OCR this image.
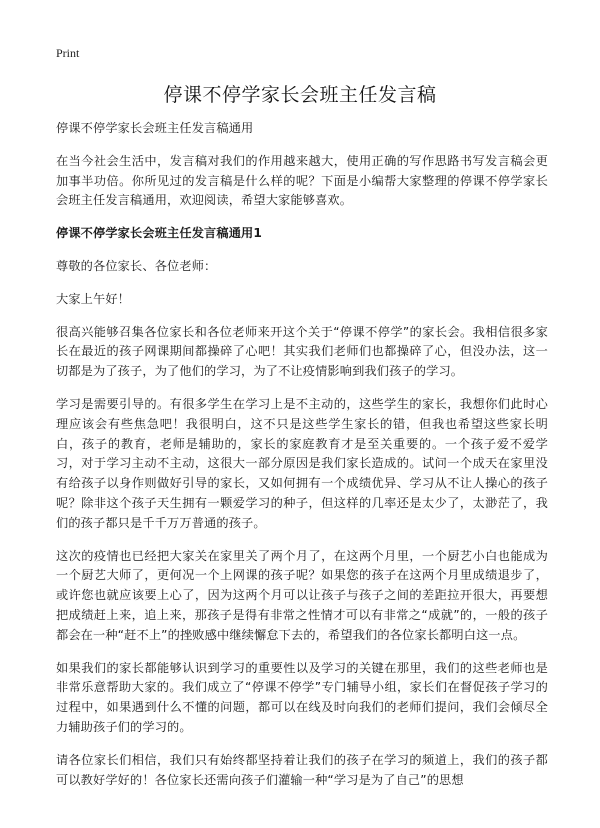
Print
停课不停学家长会班主任发言稿

停课不停学家长会班主任发言稿通用

在当今社会生活中，发言稿对我们的作用越来越大，使用正确的写作思路书写发言稿会更加事半功倍。你所见过的发言稿是什么样的呢？下面是小编帮大家整理的停课不停学家长会班主任发言稿通用，欢迎阅读，希望大家能够喜欢。

停课不停学家长会班主任发言稿通用1

尊敬的各位家长、各位老师：

大家上午好！

很高兴能够召集各位家长和各位老师来开这个关于“停课不停学”的家长会。我相信很多家长在最近的孩子网课期间都操碎了心吧！其实我们老师们也都操碎了心，但没办法，这一切都是为了孩子，为了他们的学习，为了不让疫情影响到我们孩子的学习。

学习是需要引导的。有很多学生在学习上是不主动的，这些学生的家长，我想你们此时心理应该会有些焦急吧！我很明白，这不只是这些学生家长的错，但我也希望这些家长明白，孩子的教育，老师是辅助的，家长的家庭教育才是至关重要的。一个孩子爱不爱学习，对于学习主动不主动，这很大一部分原因是我们家长造成的。试问一个成天在家里没有给孩子以身作则做好引导的家长，又如何拥有一个成绩优异、学习从不让人操心的孩子呢？除非这个孩子天生拥有一颗爱学习的种子，但这样的几率还是太少了，太渺茫了，我们的孩子都只是千千万万普通的孩子。

这次的疫情也已经把大家关在家里关了两个月了，在这两个月里，一个厨艺小白也能成为一个厨艺大师了，更何况一个上网课的孩子呢？如果您的孩子在这两个月里成绩退步了，或许您也就应该要上心了，因为这两个月可以让孩子与孩子之间的差距拉开很大，再要想把成绩赶上来，追上来，那孩子是得有非常之性情才可以有非常之“成就”的，一般的孩子都会在一种“赶不上”的挫败感中继续懈怠下去的，希望我们的各位家长都明白这一点。

如果我们的家长都能够认识到学习的重要性以及学习的关键在那里，我们的这些老师也是非常乐意帮助大家的。我们成立了“停课不停学”专门辅导小组，家长们在督促孩子学习的过程中，如果遇到什么不懂的问题，都可以在线及时向我们的老师们提问，我们会倾尽全力辅助孩子们的学习的。

请各位家长们相信，我们只有始终都坚持着让我们的孩子在学习的频道上，我们的孩子都可以教好学好的！各位家长还需向孩子们灌输一种“学习是为了自己”的思想
